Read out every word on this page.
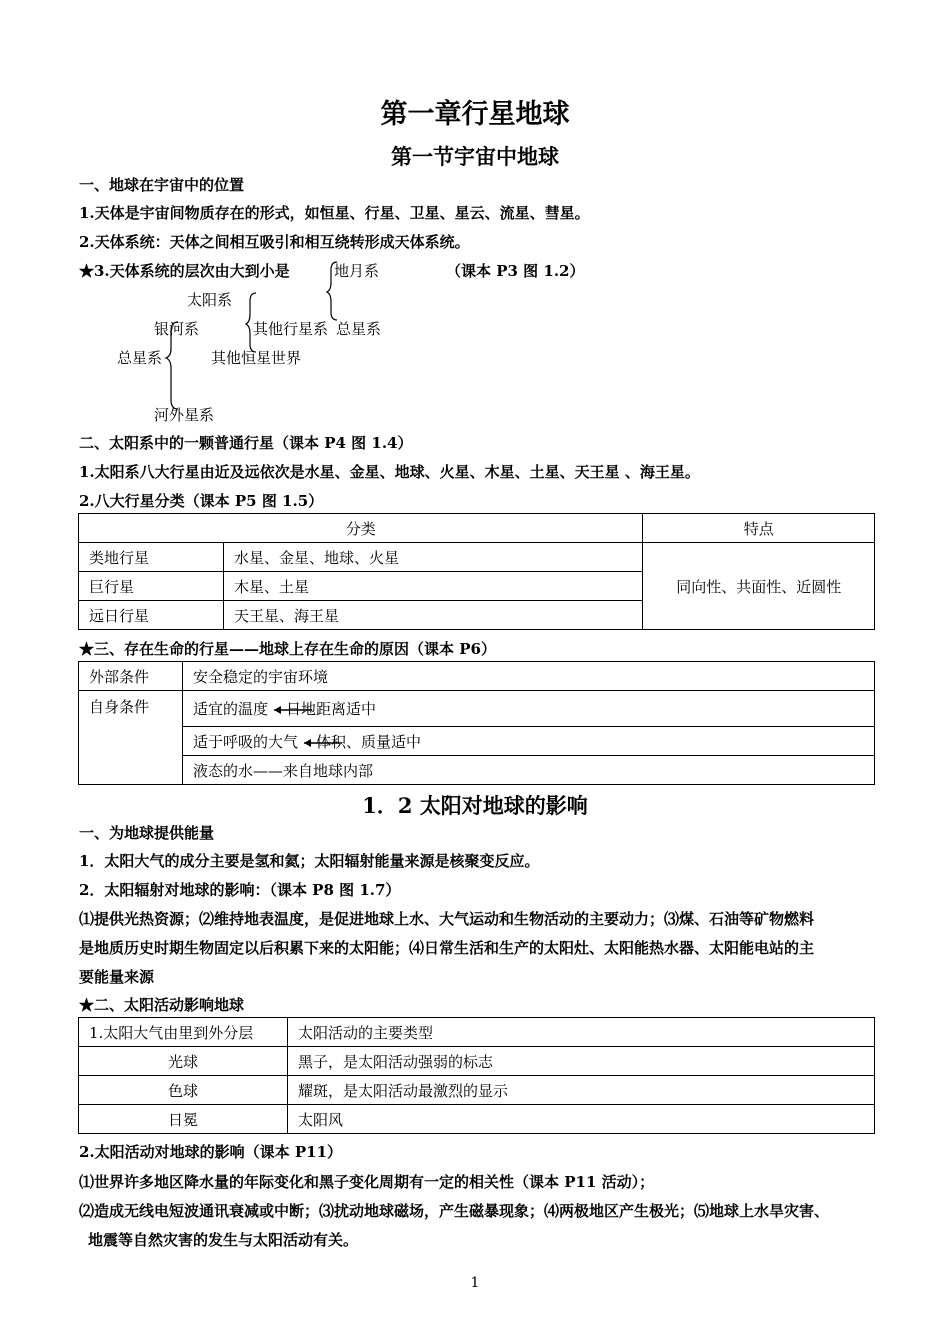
第一章行星地球
第一节宇宙中地球
一、地球在宇宙中的位置
1.天体是宇宙间物质存在的形式，如恒星、行星、卫星、星云、流星、彗星。
2.天体系统：天体之间相互吸引和相互绕转形成天体系统。
★3.天体系统的层次由大到小是	地月系	（课本 P3 图 1.2）
太阳系
银河系	其他行星系 总星系
总星系	其他恒星世界
河外星系
二、太阳系中的一颗普通行星（课本 P4 图 1.4）
1.太阳系八大行星由近及远依次是水星、金星、地球、火星、木星、土星、天王星 、海王星。
2.八大行星分类（课本 P5 图 1.5）
分类		特点
类地行星	水星、金星、地球、火星	同向性、共面性、近圆性
巨行星	木星、土星	
远日行星	天王星、海王星	
★三、存在生命的行星——地球上存在生命的原因（课本 P6）
外部条件	安全稳定的宇宙环境
自身条件	适宜的温度 日地距离适中
	适于呼吸的大气 体积、质量适中
	液态的水——来自地球内部
1．2 太阳对地球的影响
一、为地球提供能量
1．太阳大气的成分主要是氢和氦；太阳辐射能量来源是核聚变反应。
2．太阳辐射对地球的影响：（课本 P8 图 1.7）
⑴提供光热资源；⑵维持地表温度，是促进地球上水、大气运动和生物活动的主要动力；⑶煤、石油等矿物燃料
是地质历史时期生物固定以后积累下来的太阳能；⑷日常生活和生产的太阳灶、太阳能热水器、太阳能电站的主
要能量来源
★二、太阳活动影响地球
1.太阳大气由里到外分层	太阳活动的主要类型
光球	黑子，是太阳活动强弱的标志
色球	耀斑，是太阳活动最激烈的显示
日冕	太阳风
2.太阳活动对地球的影响（课本 P11）
⑴世界许多地区降水量的年际变化和黑子变化周期有一定的相关性（课本 P11 活动）；
⑵造成无线电短波通讯衰减或中断；⑶扰动地球磁场，产生磁暴现象；⑷两极地区产生极光；⑸地球上水旱灾害、
地震等自然灾害的发生与太阳活动有关。
1
